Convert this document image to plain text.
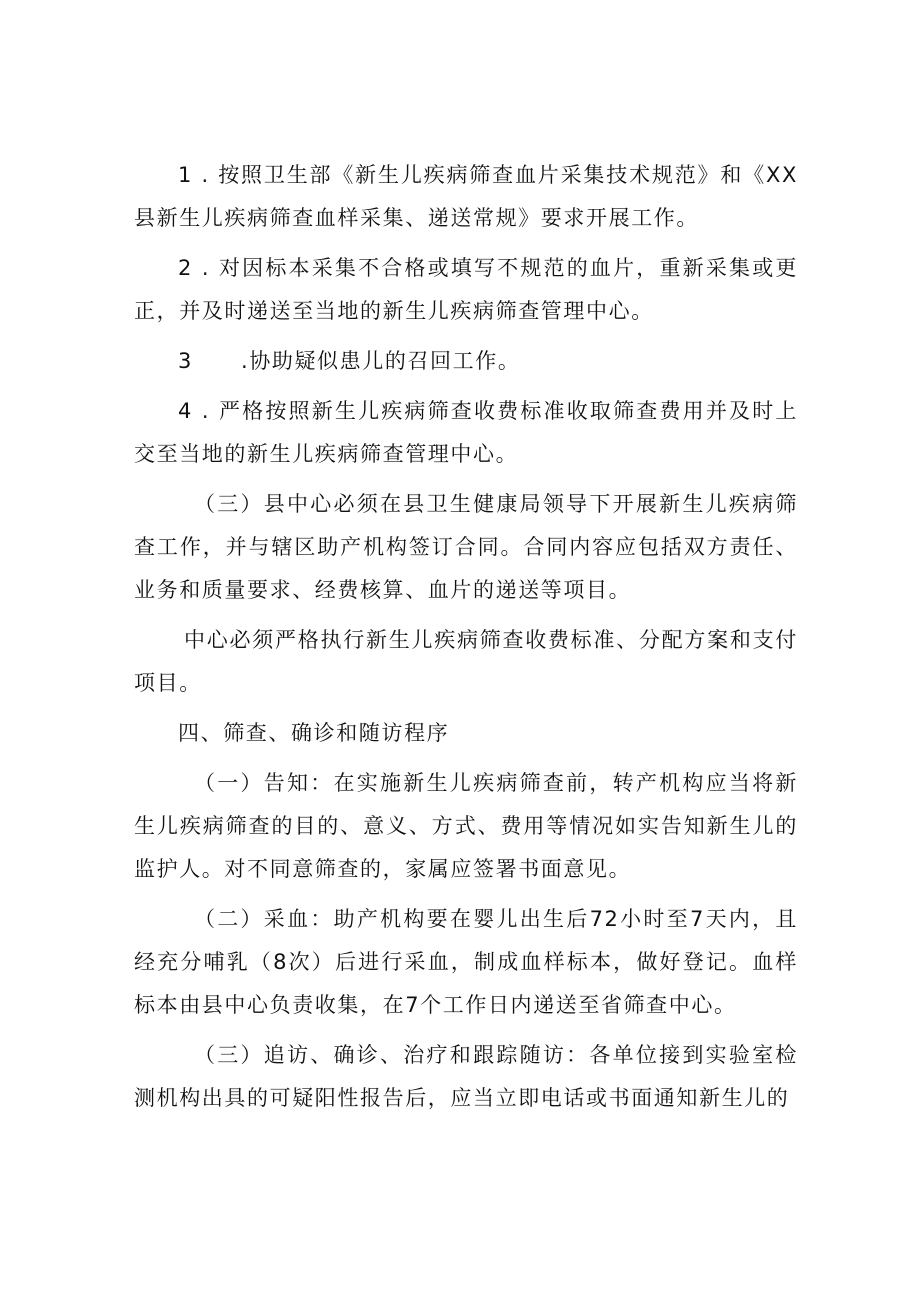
1 . 按照卫生部《新生儿疾病筛查血片采集技术规范》和《XX县新生儿疾病筛查血样采集、递送常规》要求开展工作。

2 . 对因标本采集不合格或填写不规范的血片，重新采集或更正，并及时递送至当地的新生儿疾病筛查管理中心。

3 .协助疑似患儿的召回工作。

4 . 严格按照新生儿疾病筛查收费标准收取筛查费用并及时上交至当地的新生儿疾病筛查管理中心。

（三）县中心必须在县卫生健康局领导下开展新生儿疾病筛查工作，并与辖区助产机构签订合同。合同内容应包括双方责任、业务和质量要求、经费核算、血片的递送等项目。

中心必须严格执行新生儿疾病筛查收费标准、分配方案和支付项目。

四、筛查、确诊和随访程序

（一）告知：在实施新生儿疾病筛查前，转产机构应当将新生儿疾病筛查的目的、意义、方式、费用等情况如实告知新生儿的监护人。对不同意筛查的，家属应签署书面意见。

（二）采血：助产机构要在婴儿出生后72小时至7天内，且经充分哺乳（8次）后进行采血，制成血样标本，做好登记。血样标本由县中心负责收集，在7个工作日内递送至省筛查中心。

（三）追访、确诊、治疗和跟踪随访：各单位接到实验室检测机构出具的可疑阳性报告后，应当立即电话或书面通知新生儿的
